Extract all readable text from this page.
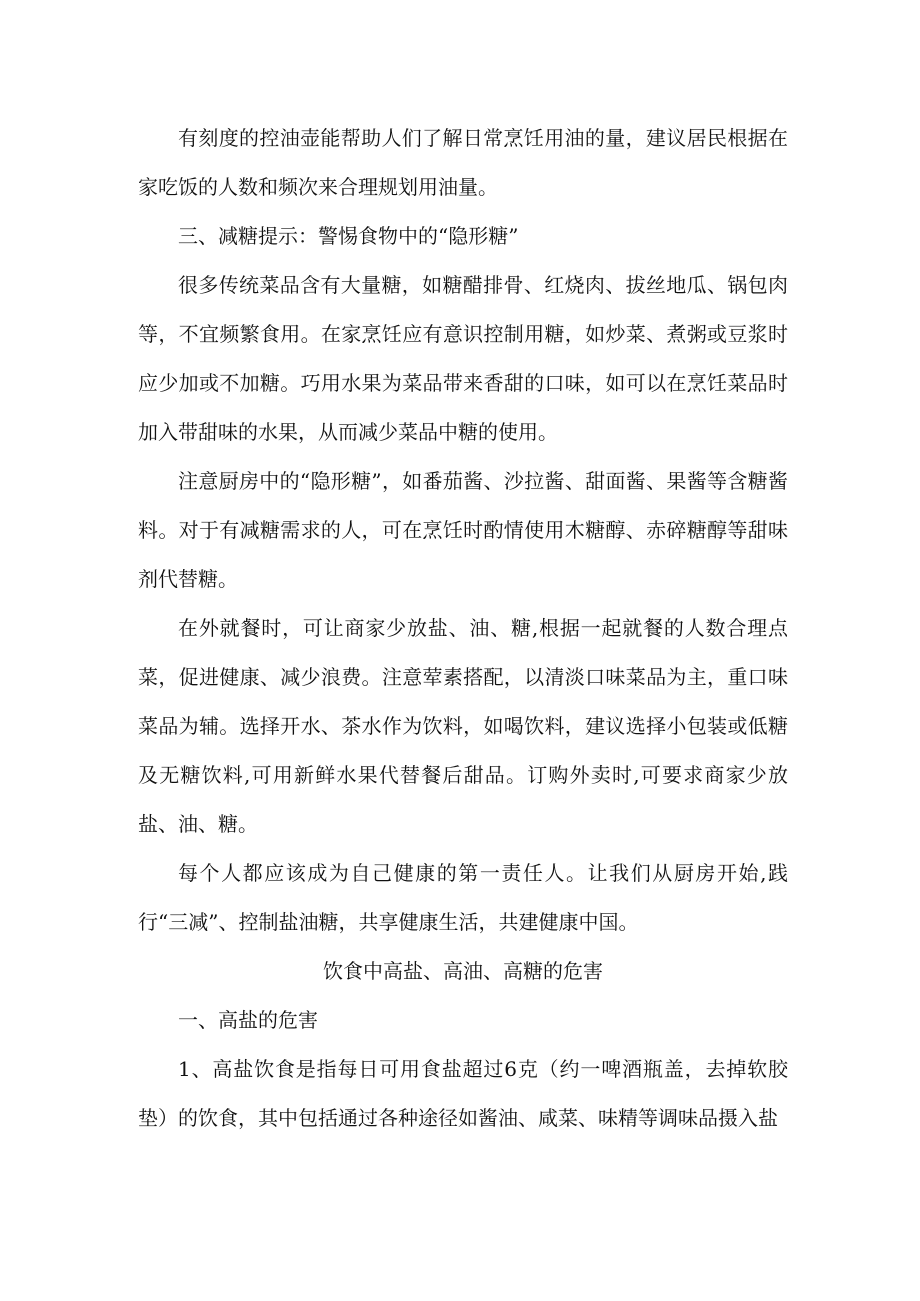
有刻度的控油壶能帮助人们了解日常烹饪用油的量，建议居民根据在家吃饭的人数和频次来合理规划用油量。

三、减糖提示：警惕食物中的“隐形糖”

很多传统菜品含有大量糖，如糖醋排骨、红烧肉、拔丝地瓜、锅包肉等，不宜频繁食用。在家烹饪应有意识控制用糖，如炒菜、煮粥或豆浆时应少加或不加糖。巧用水果为菜品带来香甜的口味，如可以在烹饪菜品时加入带甜味的水果，从而减少菜品中糖的使用。

注意厨房中的“隐形糖”，如番茄酱、沙拉酱、甜面酱、果酱等含糖酱料。对于有减糖需求的人，可在烹饪时酌情使用木糖醇、赤碎糖醇等甜味剂代替糖。

在外就餐时，可让商家少放盐、油、糖,根据一起就餐的人数合理点菜，促进健康、减少浪费。注意荤素搭配，以清淡口味菜品为主，重口味菜品为辅。选择开水、茶水作为饮料，如喝饮料，建议选择小包装或低糖及无糖饮料,可用新鲜水果代替餐后甜品。订购外卖时,可要求商家少放盐、油、糖。

每个人都应该成为自己健康的第一责任人。让我们从厨房开始,践行“三减”、控制盐油糖，共享健康生活，共建健康中国。

饮食中高盐、高油、高糖的危害

一、高盐的危害

1、高盐饮食是指每日可用食盐超过6克（约一啤酒瓶盖，去掉软胶垫）的饮食，其中包括通过各种途径如酱油、咸菜、味精等调味品摄入盐
